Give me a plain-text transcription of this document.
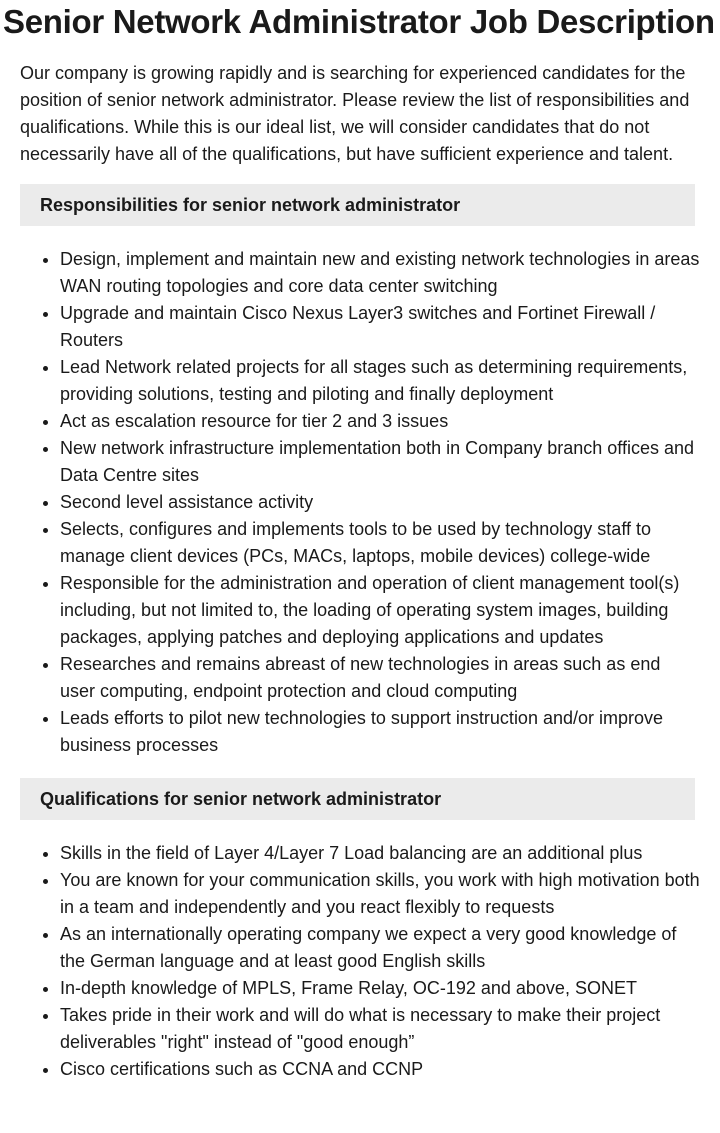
Senior Network Administrator Job Description

Our company is growing rapidly and is searching for experienced candidates for the position of senior network administrator. Please review the list of responsibilities and qualifications. While this is our ideal list, we will consider candidates that do not necessarily have all of the qualifications, but have sufficient experience and talent.

Responsibilities for senior network administrator
• Design, implement and maintain new and existing network technologies in areas WAN routing topologies and core data center switching
• Upgrade and maintain Cisco Nexus Layer3 switches and Fortinet Firewall / Routers
• Lead Network related projects for all stages such as determining requirements, providing solutions, testing and piloting and finally deployment
• Act as escalation resource for tier 2 and 3 issues
• New network infrastructure implementation both in Company branch offices and Data Centre sites
• Second level assistance activity
• Selects, configures and implements tools to be used by technology staff to manage client devices (PCs, MACs, laptops, mobile devices) college-wide
• Responsible for the administration and operation of client management tool(s) including, but not limited to, the loading of operating system images, building packages, applying patches and deploying applications and updates
• Researches and remains abreast of new technologies in areas such as end user computing, endpoint protection and cloud computing
• Leads efforts to pilot new technologies to support instruction and/or improve business processes
Qualifications for senior network administrator
• Skills in the field of Layer 4/Layer 7 Load balancing are an additional plus
• You are known for your communication skills, you work with high motivation both in a team and independently and you react flexibly to requests
• As an internationally operating company we expect a very good knowledge of the German language and at least good English skills
• In-depth knowledge of MPLS, Frame Relay, OC-192 and above, SONET
• Takes pride in their work and will do what is necessary to make their project deliverables "right" instead of "good enough”
• Cisco certifications such as CCNA and CCNP
